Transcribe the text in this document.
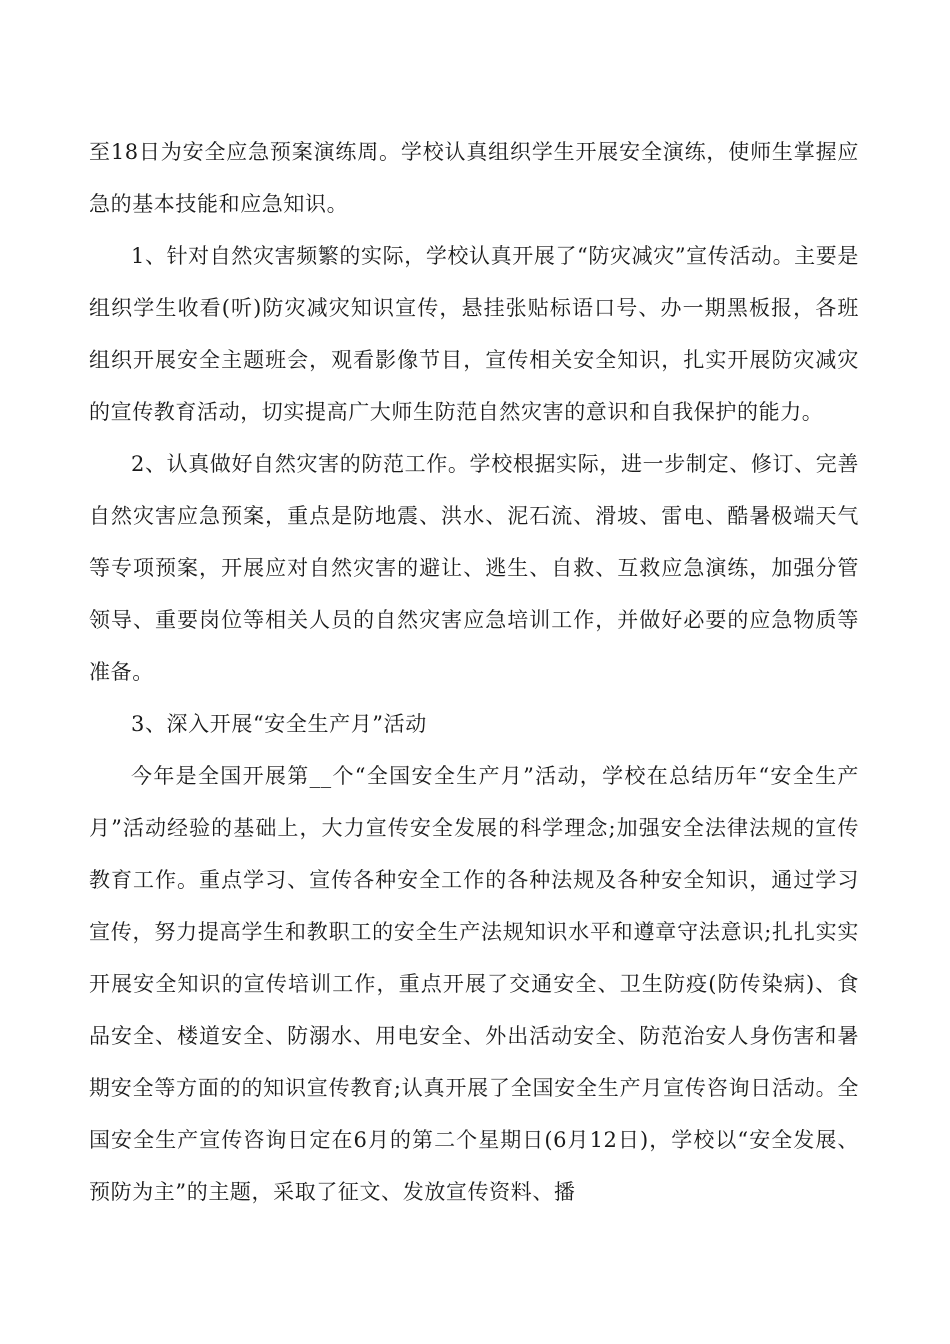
至18日为安全应急预案演练周。学校认真组织学生开展安全演练，使师生掌握应急的基本技能和应急知识。

1、针对自然灾害频繁的实际，学校认真开展了“防灾减灾”宣传活动。主要是组织学生收看(听)防灾减灾知识宣传，悬挂张贴标语口号、办一期黑板报，各班组织开展安全主题班会，观看影像节目，宣传相关安全知识，扎实开展防灾减灾的宣传教育活动，切实提高广大师生防范自然灾害的意识和自我保护的能力。

2、认真做好自然灾害的防范工作。学校根据实际，进一步制定、修订、完善自然灾害应急预案，重点是防地震、洪水、泥石流、滑坡、雷电、酷暑极端天气等专项预案，开展应对自然灾害的避让、逃生、自救、互救应急演练，加强分管领导、重要岗位等相关人员的自然灾害应急培训工作，并做好必要的应急物质等准备。

3、深入开展“安全生产月”活动

今年是全国开展第__个“全国安全生产月”活动，学校在总结历年“安全生产月”活动经验的基础上，大力宣传安全发展的科学理念;加强安全法律法规的宣传教育工作。重点学习、宣传各种安全工作的各种法规及各种安全知识，通过学习宣传，努力提高学生和教职工的安全生产法规知识水平和遵章守法意识;扎扎实实开展安全知识的宣传培训工作，重点开展了交通安全、卫生防疫(防传染病)、食品安全、楼道安全、防溺水、用电安全、外出活动安全、防范治安人身伤害和暑期安全等方面的的知识宣传教育;认真开展了全国安全生产月宣传咨询日活动。全国安全生产宣传咨询日定在6月的第二个星期日(6月12日)，学校以“安全发展、预防为主”的主题，采取了征文、发放宣传资料、播
